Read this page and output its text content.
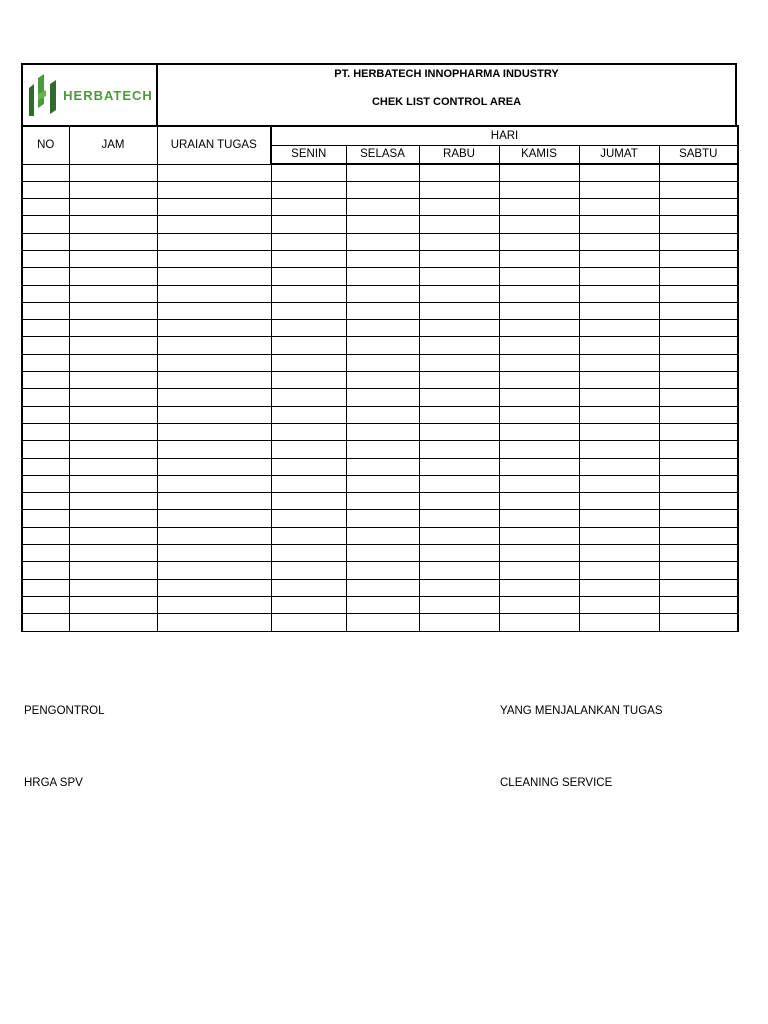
HERBATECH
PT. HERBATECH INNOPHARMA INDUSTRY
CHEK LIST CONTROL AREA
NO	JAM	URAIAN TUGAS	HARI					
			SENIN	SELASA	RABU	KAMIS	JUMAT	SABTU

PENGONTROL
HRGA SPV
YANG MENJALANKAN TUGAS
CLEANING SERVICE
